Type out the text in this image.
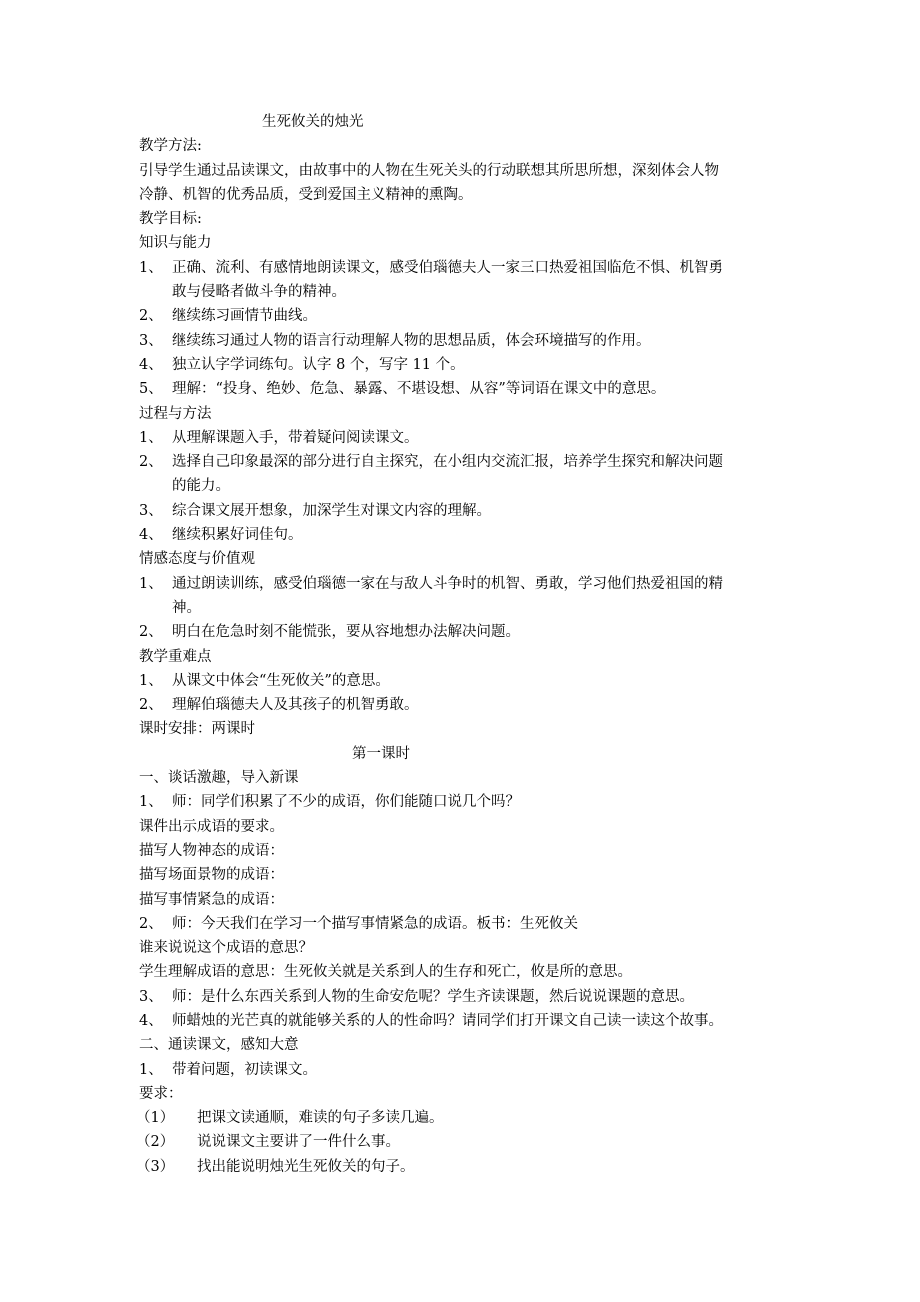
生死攸关的烛光
教学方法:
引导学生通过品读课文，由故事中的人物在生死关头的行动联想其所思所想，深刻体会人物
冷静、机智的优秀品质，受到爱国主义精神的熏陶。
教学目标:
知识与能力
1、 正确、流利、有感情地朗读课文，感受伯瑙德夫人一家三口热爱祖国临危不惧、机智勇
敢与侵略者做斗争的精神。
2、 继续练习画情节曲线。
3、 继续练习通过人物的语言行动理解人物的思想品质，体会环境描写的作用。
4、 独立认字学词练句。认字 8 个，写字 11 个。
5、 理解：“投身、绝妙、危急、暴露、不堪设想、从容”等词语在课文中的意思。
过程与方法
1、 从理解课题入手，带着疑问阅读课文。
2、 选择自己印象最深的部分进行自主探究，在小组内交流汇报，培养学生探究和解决问题
的能力。
3、 综合课文展开想象，加深学生对课文内容的理解。
4、 继续积累好词佳句。
情感态度与价值观
1、 通过朗读训练，感受伯瑙德一家在与敌人斗争时的机智、勇敢，学习他们热爱祖国的精
神。
2、 明白在危急时刻不能慌张，要从容地想办法解决问题。
教学重难点
1、 从课文中体会“生死攸关”的意思。
2、 理解伯瑙德夫人及其孩子的机智勇敢。
课时安排：两课时
第一课时
一、谈话激趣，导入新课
1、 师：同学们积累了不少的成语，你们能随口说几个吗？
课件出示成语的要求。
描写人物神态的成语：
描写场面景物的成语：
描写事情紧急的成语：
2、 师：今天我们在学习一个描写事情紧急的成语。板书：生死攸关
谁来说说这个成语的意思？
学生理解成语的意思：生死攸关就是关系到人的生存和死亡，攸是所的意思。
3、 师：是什么东西关系到人物的生命安危呢？学生齐读课题，然后说说课题的意思。
4、 师蜡烛的光芒真的就能够关系的人的性命吗？请同学们打开课文自己读一读这个故事。
二、通读课文，感知大意
1、 带着问题，初读课文。
要求：
（1） 把课文读通顺，难读的句子多读几遍。
（2） 说说课文主要讲了一件什么事。
（3） 找出能说明烛光生死攸关的句子。
